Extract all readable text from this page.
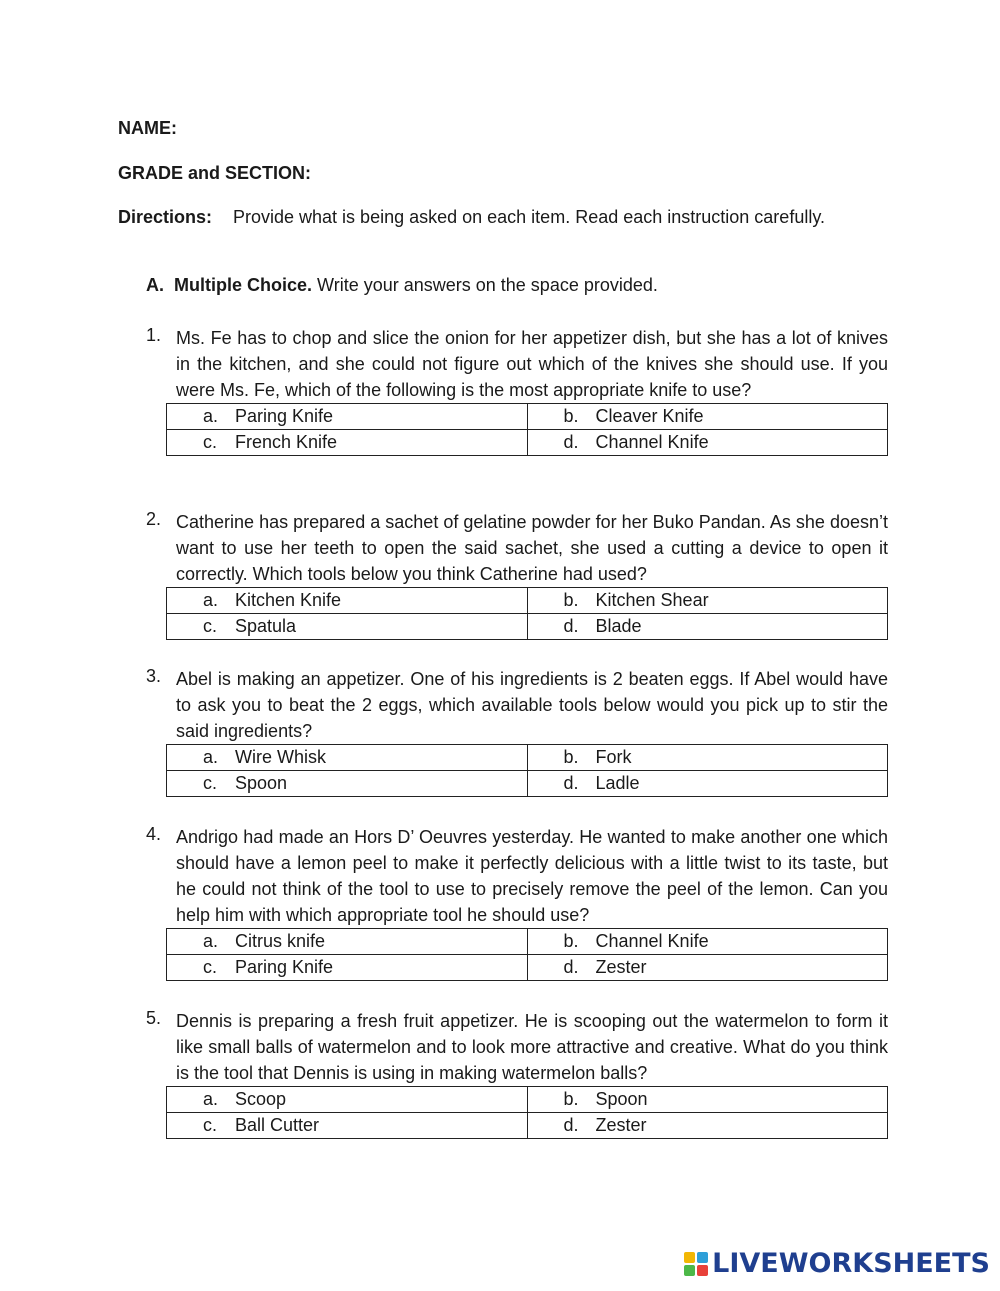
NAME:
GRADE and SECTION:
Directions:	Provide what is being asked on each item. Read each instruction carefully.
A. Multiple Choice. Write your answers on the space provided.
1. Ms. Fe has to chop and slice the onion for her appetizer dish, but she has a lot of knives in the kitchen, and she could not figure out which of the knives she should use. If you were Ms. Fe, which of the following is the most appropriate knife to use?
a. Paring Knife	b. Cleaver Knife
c. French Knife	d. Channel Knife
2. Catherine has prepared a sachet of gelatine powder for her Buko Pandan. As she doesn’t want to use her teeth to open the said sachet, she used a cutting a device to open it correctly. Which tools below you think Catherine had used?
a. Kitchen Knife	b. Kitchen Shear
c. Spatula	d. Blade
3. Abel is making an appetizer. One of his ingredients is 2 beaten eggs. If Abel would have to ask you to beat the 2 eggs, which available tools below would you pick up to stir the said ingredients?
a. Wire Whisk	b. Fork
c. Spoon	d. Ladle
4. Andrigo had made an Hors D’ Oeuvres yesterday. He wanted to make another one which should have a lemon peel to make it perfectly delicious with a little twist to its taste, but he could not think of the tool to use to precisely remove the peel of the lemon. Can you help him with which appropriate tool he should use?
a. Citrus knife	b. Channel Knife
c. Paring Knife	d. Zester
5. Dennis is preparing a fresh fruit appetizer. He is scooping out the watermelon to form it like small balls of watermelon and to look more attractive and creative. What do you think is the tool that Dennis is using in making watermelon balls?
a. Scoop	b. Spoon
c. Ball Cutter	d. Zester
LIVEWORKSHEETS
